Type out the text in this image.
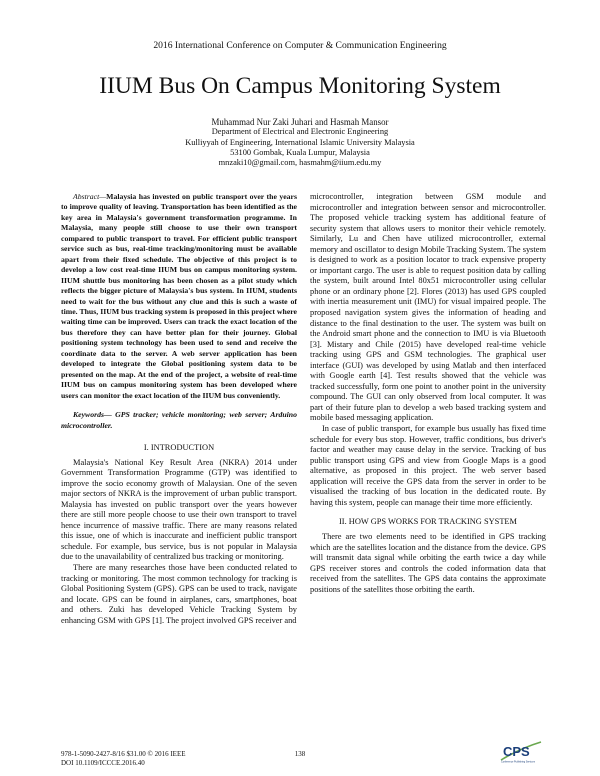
2016 International Conference on Computer & Communication Engineering
IIUM Bus On Campus Monitoring System
Muhammad Nur Zaki Juhari and Hasmah Mansor
Department of Electrical and Electronic Engineering
Kulliyyah of Engineering, International Islamic University Malaysia
53100 Gombak, Kuala Lumpur, Malaysia
mnzaki10@gmail.com, hasmahm@iium.edu.my

Abstract—Malaysia has invested on public transport over the years to improve quality of leaving. Transportation has been identified as the key area in Malaysia's government transformation programme. In Malaysia, many people still choose to use their own transport compared to public transport to travel. For efficient public transport service such as bus, real-time tracking/monitoring must be available apart from their fixed schedule. The objective of this project is to develop a low cost real-time IIUM bus on campus monitoring system. IIUM shuttle bus monitoring has been chosen as a pilot study which reflects the bigger picture of Malaysia's bus system. In IIUM, students need to wait for the bus without any clue and this is such a waste of time. Thus, IIUM bus tracking system is proposed in this project where waiting time can be improved. Users can track the exact location of the bus therefore they can have better plan for their journey. Global positioning system technology has been used to send and receive the coordinate data to the server. A web server application has been developed to integrate the Global positioning system data to be presented on the map. At the end of the project, a website of real-time IIUM bus on campus monitoring system has been developed where users can monitor the exact location of the IIUM bus conveniently.

Keywords— GPS tracker; vehicle monitoring; web server; Arduino microcontroller.

I. INTRODUCTION

Malaysia's National Key Result Area (NKRA) 2014 under Government Transformation Programme (GTP) was identified to improve the socio economy growth of Malaysian. One of the seven major sectors of NKRA is the improvement of urban public transport. Malaysia has invested on public transport over the years however there are still more people choose to use their own transport to travel hence incurrence of massive traffic. There are many reasons related this issue, one of which is inaccurate and inefficient public transport schedule. For example, bus service, bus is not popular in Malaysia due to the unavailability of centralized bus tracking or monitoring.

There are many researches those have been conducted related to tracking or monitoring. The most common technology for tracking is Global Positioning System (GPS). GPS can be used to track, navigate and locate. GPS can be found in airplanes, cars, smartphones, boat and others. Zuki has developed Vehicle Tracking System by enhancing GSM with GPS [1]. The project involved GPS receiver and

microcontroller, integration between GSM module and microcontroller and integration between sensor and microcontroller. The proposed vehicle tracking system has additional feature of security system that allows users to monitor their vehicle remotely. Similarly, Lu and Chen have utilized microcontroller, external memory and oscillator to design Mobile Tracking System. The system is designed to work as a position locator to track expensive property or important cargo. The user is able to request position data by calling the system, built around Intel 80x51 microcontroller using cellular phone or an ordinary phone [2]. Flores (2013) has used GPS coupled with inertia measurement unit (IMU) for visual impaired people. The proposed navigation system gives the information of heading and distance to the final destination to the user. The system was built on the Android smart phone and the connection to IMU is via Bluetooth [3]. Mistary and Chile (2015) have developed real-time vehicle tracking using GPS and GSM technologies. The graphical user interface (GUI) was developed by using Matlab and then interfaced with Google earth [4]. Test results showed that the vehicle was tracked successfully, form one point to another point in the university compound. The GUI can only observed from local computer. It was part of their future plan to develop a web based tracking system and mobile based messaging application.

In case of public transport, for example bus usually has fixed time schedule for every bus stop. However, traffic conditions, bus driver's factor and weather may cause delay in the service. Tracking of bus public transport using GPS and view from Google Maps is a good alternative, as proposed in this project. The web server based application will receive the GPS data from the server in order to be visualised the tracking of bus location in the dedicated route. By having this system, people can manage their time more efficiently.

II. HOW GPS WORKS FOR TRACKING SYSTEM

There are two elements need to be identified in GPS tracking which are the satellites location and the distance from the device. GPS will transmit data signal while orbiting the earth twice a day while GPS receiver stores and controls the coded information data that received from the satellites. The GPS data contains the approximate positions of the satellites those orbiting the earth.

978-1-5090-2427-8/16 $31.00 © 2016 IEEE
DOI 10.1109/ICCCE.2016.40
138	CPS
Conference Publishing Services
